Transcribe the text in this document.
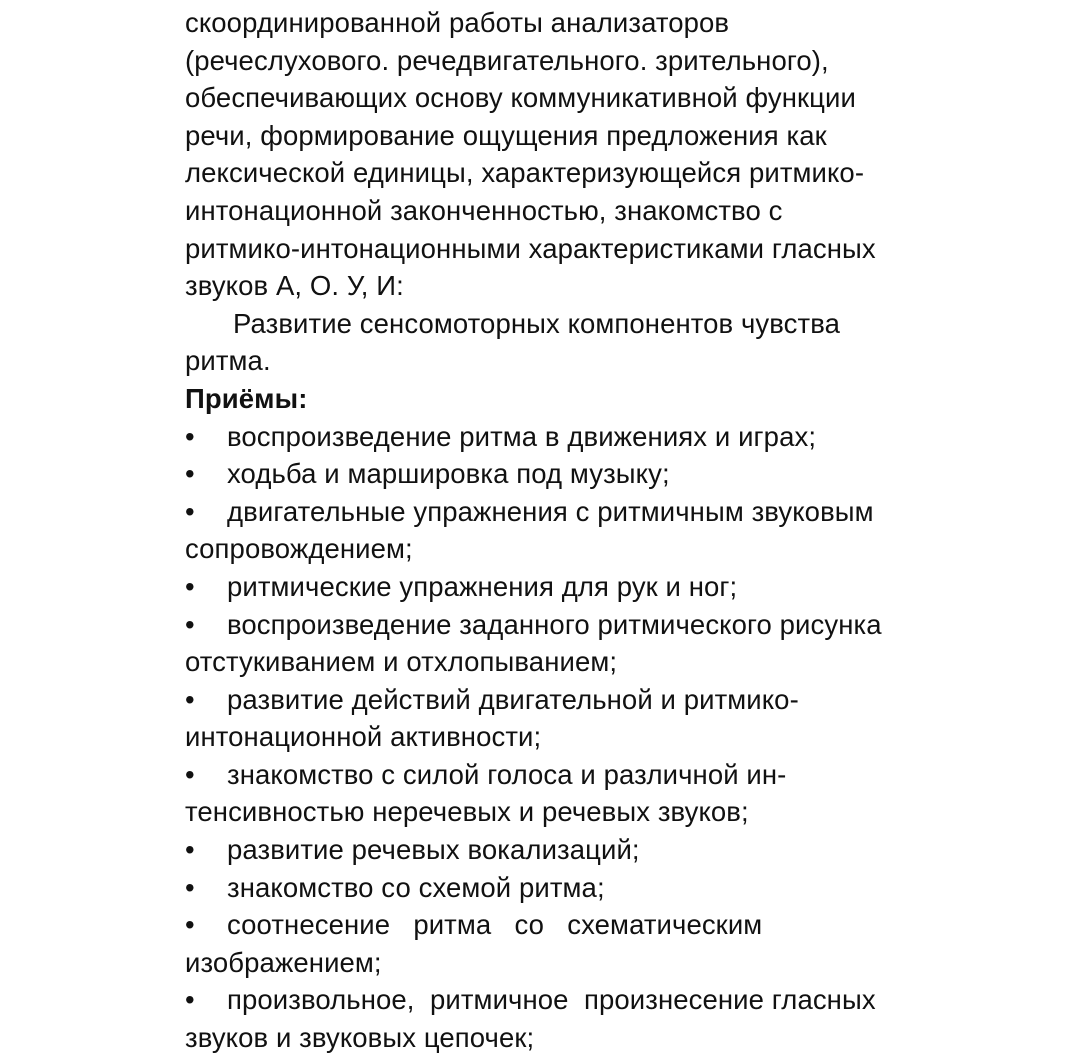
скоординированной работы анализаторов
(речеслухового. речедвигательного. зрительного),
обеспечивающих основу коммуникативной функции
речи, формирование ощущения предложения как
лексической единицы, характеризующейся ритмико-
интонационной законченностью, знакомство с
ритмико-интонационными характеристиками гласных
звуков А, О. У, И:
Развитие сенсомоторных компонентов чувства
ритма.
Приёмы:
•	воспроизведение ритма в движениях и играх;
•	ходьба и маршировка под музыку;
•	двигательные упражнения с ритмичным звуковым
сопровождением;
•	ритмические упражнения для рук и ног;
•	воспроизведение заданного ритмического рисунка
отстукиванием и отхлопыванием;
•	развитие действий двигательной и ритмико-
интонационной активности;
•	знакомство с силой голоса и различной ин-
тенсивностью неречевых и речевых звуков;
•	развитие речевых вокализаций;
•	знакомство со схемой ритма;
•	соотнесение   ритма   со   схематическим
изображением;
•	произвольное,  ритмичное  произнесение гласных
звуков и звуковых цепочек;
